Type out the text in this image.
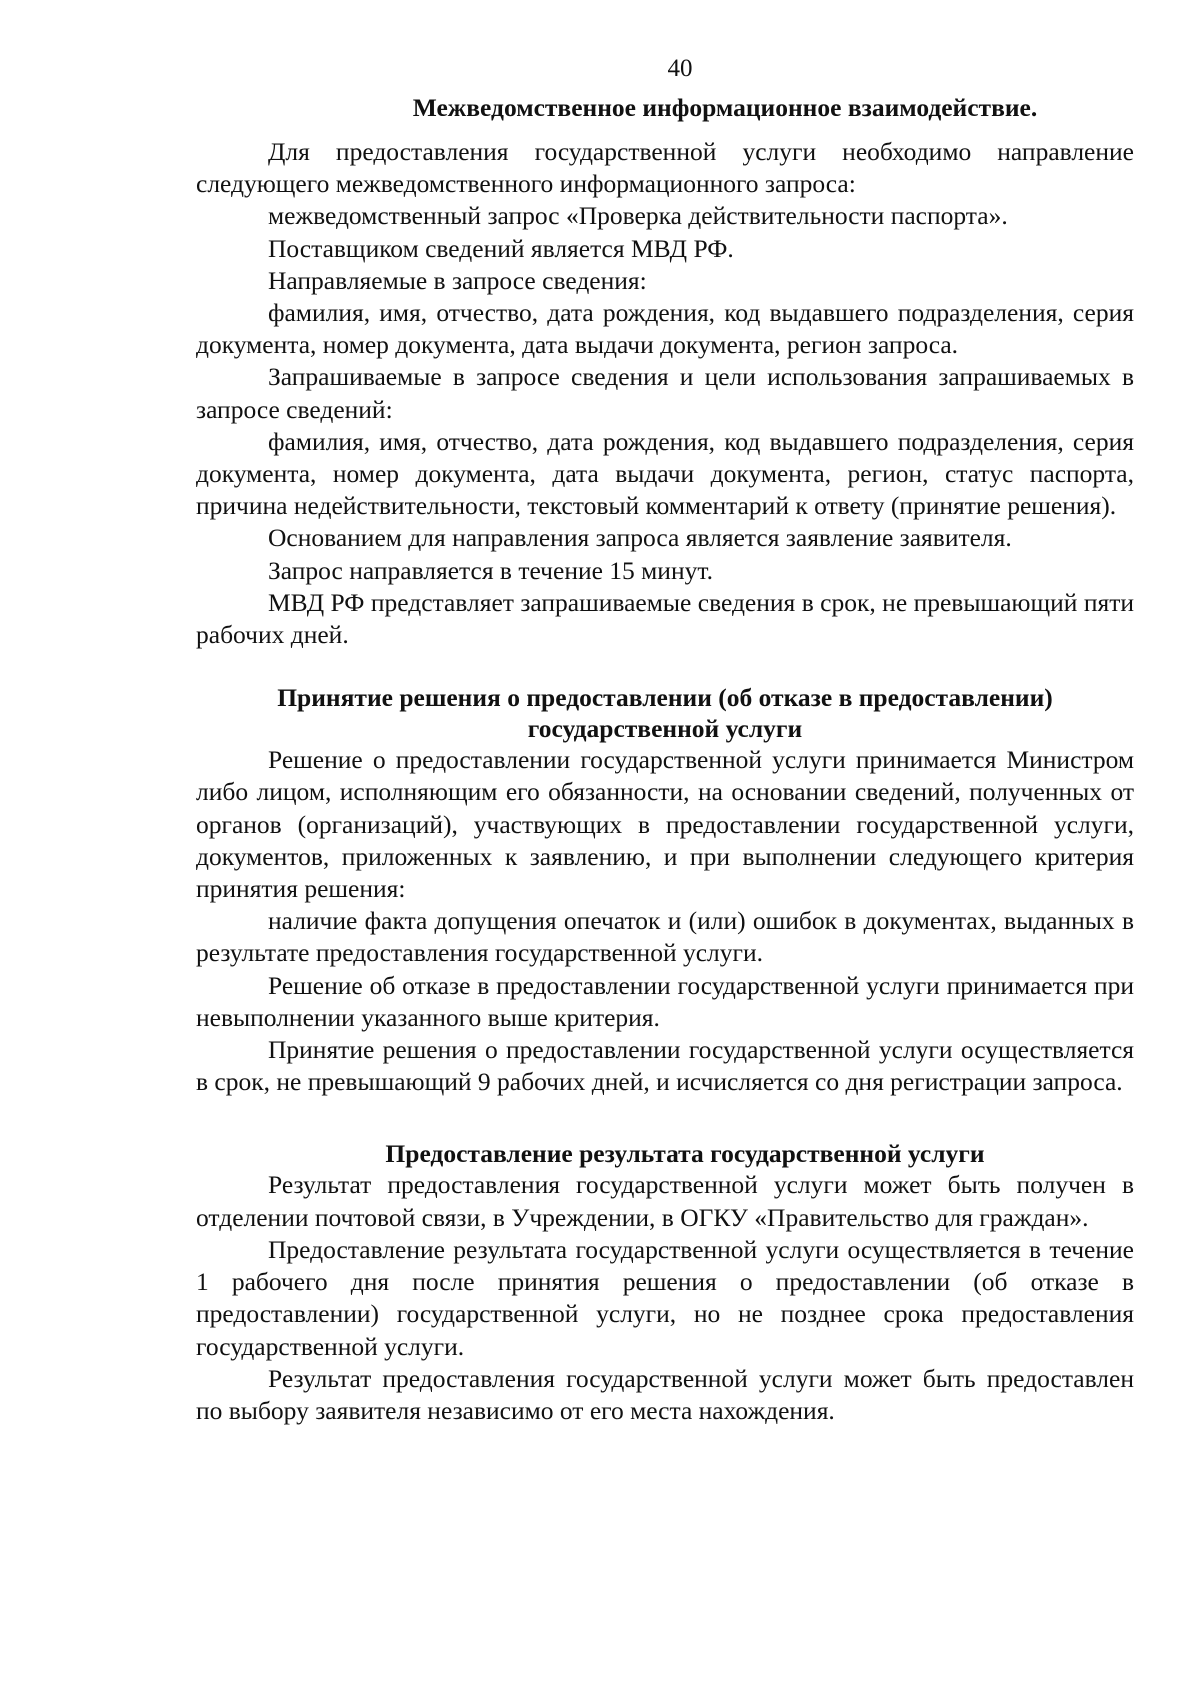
40
Межведомственное информационное взаимодействие.

Для предоставления государственной услуги необходимо направление следующего межведомственного информационного запроса:

межведомственный запрос «Проверка действительности паспорта».

Поставщиком сведений является МВД РФ.

Направляемые в запросе сведения:

фамилия, имя, отчество, дата рождения, код выдавшего подразделения, серия документа, номер документа, дата выдачи документа, регион запроса.

Запрашиваемые в запросе сведения и цели использования запрашиваемых в запросе сведений:

фамилия, имя, отчество, дата рождения, код выдавшего подразделения, серия документа, номер документа, дата выдачи документа, регион, статус паспорта, причина недействительности, текстовый комментарий к ответу (принятие решения).

Основанием для направления запроса является заявление заявителя.

Запрос направляется в течение 15 минут.

МВД РФ представляет запрашиваемые сведения в срок, не превышающий пяти рабочих дней.

Принятие решения о предоставлении (об отказе в предоставлении)
государственной услуги

Решение о предоставлении государственной услуги принимается Министром либо лицом, исполняющим его обязанности, на основании сведений, полученных от органов (организаций), участвующих в предоставлении государственной услуги, документов, приложенных к заявлению, и при выполнении следующего критерия принятия решения:

наличие факта допущения опечаток и (или) ошибок в документах, выданных в результате предоставления государственной услуги.

Решение об отказе в предоставлении государственной услуги принимается при невыполнении указанного выше критерия.

Принятие решения о предоставлении государственной услуги осуществляется в срок, не превышающий 9 рабочих дней, и исчисляется со дня регистрации запроса.

Предоставление результата государственной услуги

Результат предоставления государственной услуги может быть получен в отделении почтовой связи, в Учреждении, в ОГКУ «Правительство для граждан».

Предоставление результата государственной услуги осуществляется в течение 1 рабочего дня после принятия решения о предоставлении (об отказе в предоставлении) государственной услуги, но не позднее срока предоставления государственной услуги.

Результат предоставления государственной услуги может быть предоставлен по выбору заявителя независимо от его места нахождения.
